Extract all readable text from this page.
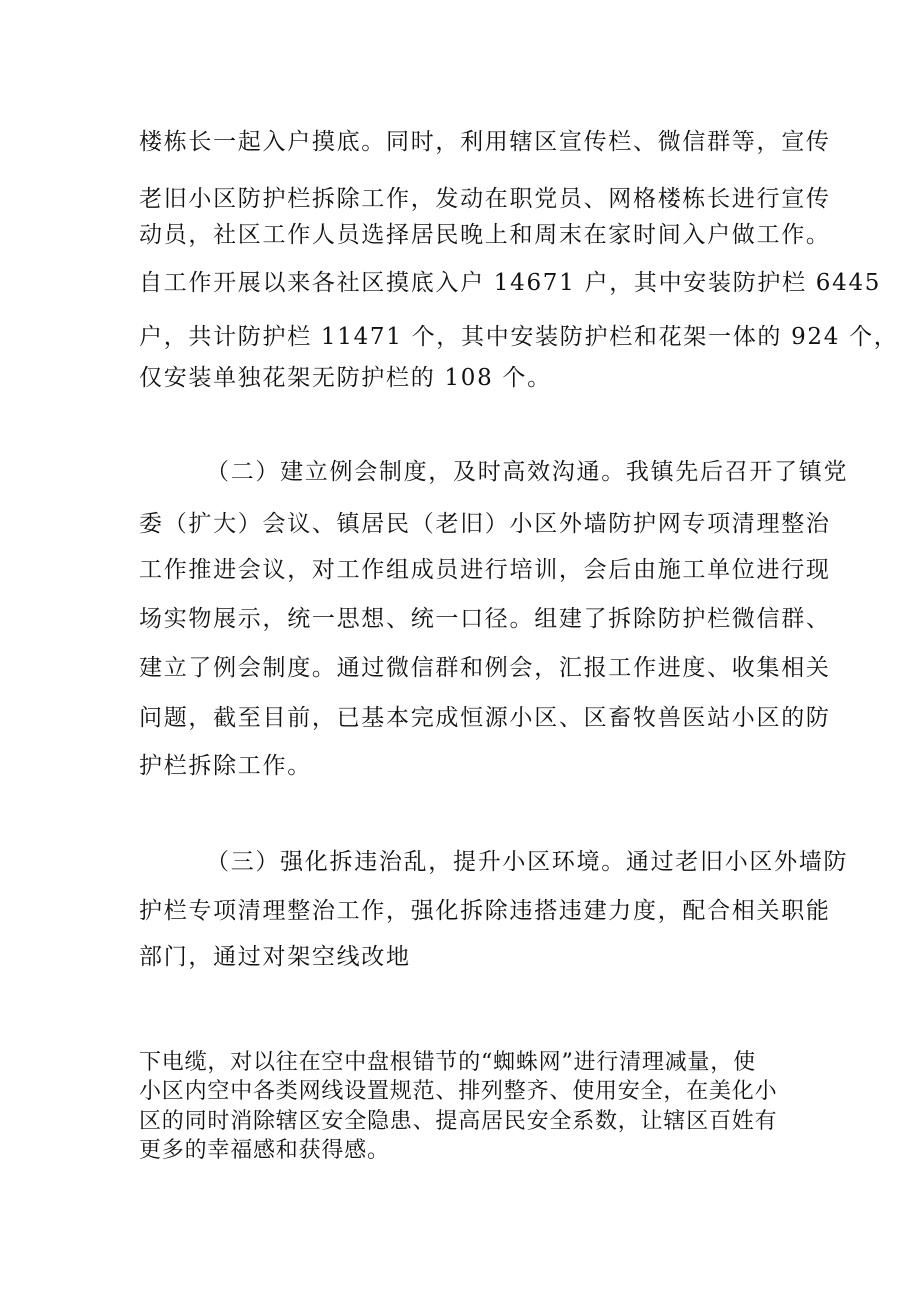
楼栋长一起入户摸底。同时，利用辖区宣传栏、微信群等，宣传
老旧小区防护栏拆除工作，发动在职党员、网格楼栋长进行宣传
动员，社区工作人员选择居民晚上和周末在家时间入户做工作。
自工作开展以来各社区摸底入户 14671 户，其中安装防护栏 6445
户，共计防护栏 11471 个，其中安装防护栏和花架一体的 924 个，
仅安装单独花架无防护栏的 108 个。
（二）建立例会制度，及时高效沟通。我镇先后召开了镇党
委（扩大）会议、镇居民（老旧）小区外墙防护网专项清理整治
工作推进会议，对工作组成员进行培训，会后由施工单位进行现
场实物展示，统一思想、统一口径。组建了拆除防护栏微信群、
建立了例会制度。通过微信群和例会，汇报工作进度、收集相关
问题，截至目前，已基本完成恒源小区、区畜牧兽医站小区的防
护栏拆除工作。
（三）强化拆违治乱，提升小区环境。通过老旧小区外墙防
护栏专项清理整治工作，强化拆除违搭违建力度，配合相关职能
部门，通过对架空线改地
下电缆，对以往在空中盘根错节的“蜘蛛网”进行清理减量，使
小区内空中各类网线设置规范、排列整齐、使用安全，在美化小
区的同时消除辖区安全隐患、提高居民安全系数，让辖区百姓有
更多的幸福感和获得感。
